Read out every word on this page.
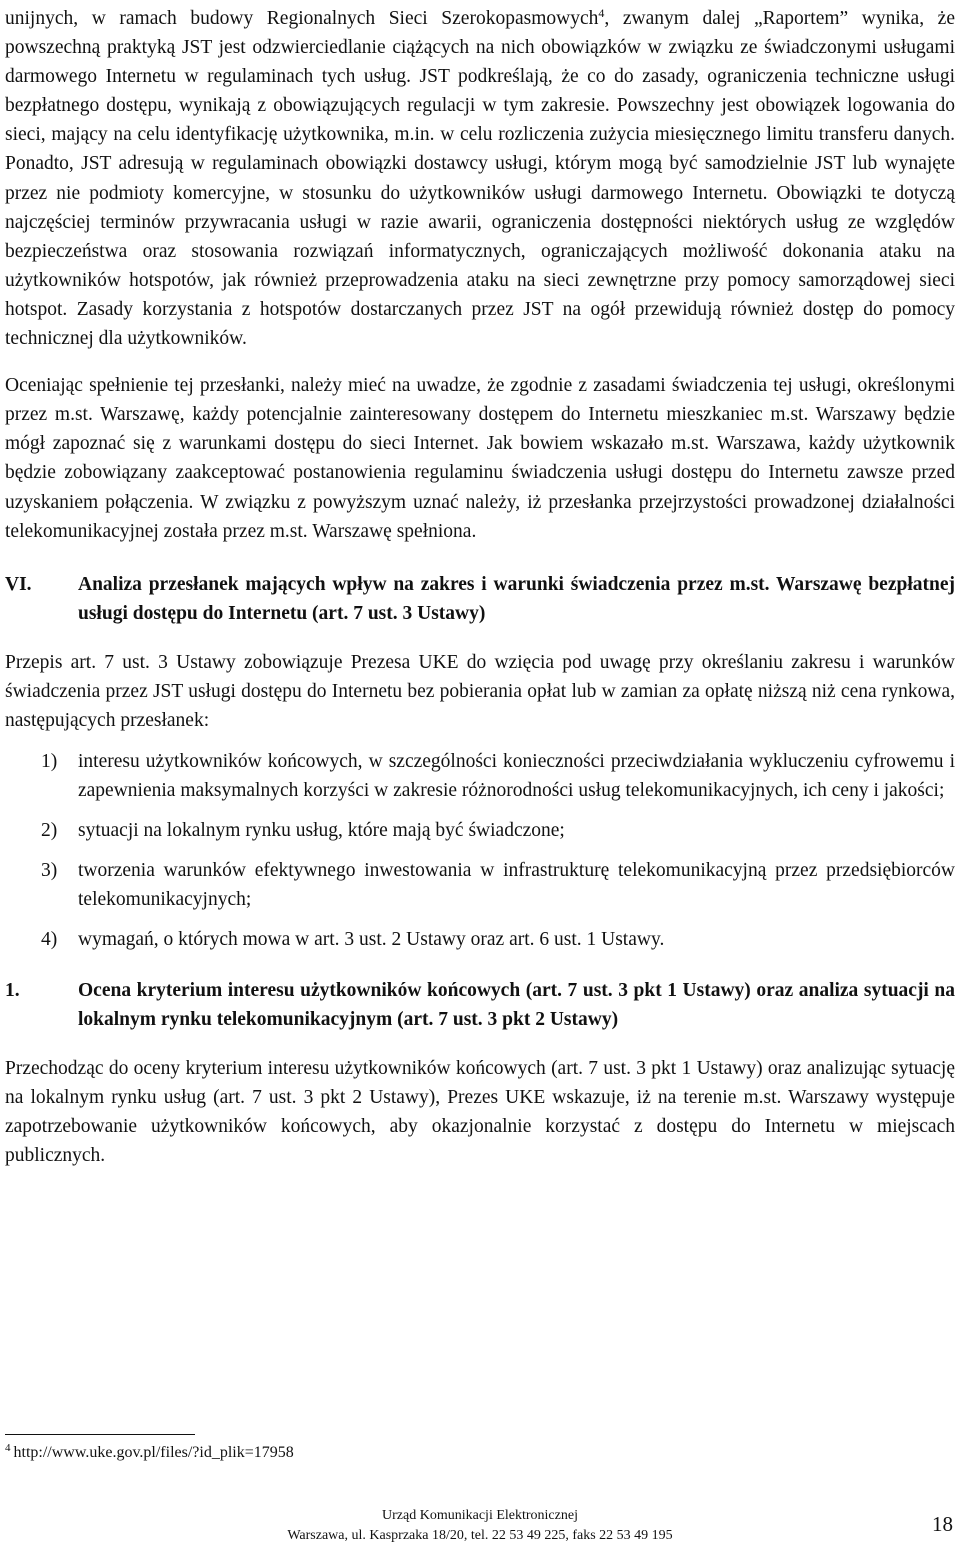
unijnych, w ramach budowy Regionalnych Sieci Szerokopasmowych$^4$, zwanym dalej „Raportem” wynika, że powszechną praktyką JST jest odzwierciedlanie ciążących na nich obowiązków w związku ze świadczonymi usługami darmowego Internetu w regulaminach tych usług. JST podkreślają, że co do zasady, ograniczenia techniczne usługi bezpłatnego dostępu, wynikają z obowiązujących regulacji w tym zakresie. Powszechny jest obowiązek logowania do sieci, mający na celu identyfikację użytkownika, m.in. w celu rozliczenia zużycia miesięcznego limitu transferu danych. Ponadto, JST adresują w regulaminach obowiązki dostawcy usługi, którym mogą być samodzielnie JST lub wynajęte przez nie podmioty komercyjne, w stosunku do użytkowników usługi darmowego Internetu. Obowiązki te dotyczą najczęściej terminów przywracania usługi w razie awarii, ograniczenia dostępności niektórych usług ze względów bezpieczeństwa oraz stosowania rozwiązań informatycznych, ograniczających możliwość dokonania ataku na użytkowników hotspotów, jak również przeprowadzenia ataku na sieci zewnętrzne przy pomocy samorządowej sieci hotspot. Zasady korzystania z hotspotów dostarczanych przez JST na ogół przewidują również dostęp do pomocy technicznej dla użytkowników.

Oceniając spełnienie tej przesłanki, należy mieć na uwadze, że zgodnie z zasadami świadczenia tej usługi, określonymi przez m.st. Warszawę, każdy potencjalnie zainteresowany dostępem do Internetu mieszkaniec m.st. Warszawy będzie mógł zapoznać się z warunkami dostępu do sieci Internet. Jak bowiem wskazało m.st. Warszawa, każdy użytkownik będzie zobowiązany zaakceptować postanowienia regulaminu świadczenia usługi dostępu do Internetu zawsze przed uzyskaniem połączenia. W związku z powyższym uznać należy, iż przesłanka przejrzystości prowadzonej działalności telekomunikacyjnej została przez m.st. Warszawę spełniona.

VI.	Analiza przesłanek mających wpływ na zakres i warunki świadczenia przez m.st. Warszawę bezpłatnej usługi dostępu do Internetu (art. 7 ust. 3 Ustawy)

Przepis art. 7 ust. 3 Ustawy zobowiązuje Prezesa UKE do wzięcia pod uwagę przy określaniu zakresu i warunków świadczenia przez JST usługi dostępu do Internetu bez pobierania opłat lub w zamian za opłatę niższą niż cena rynkowa, następujących przesłanek:

1)	interesu użytkowników końcowych, w szczególności konieczności przeciwdziałania wykluczeniu cyfrowemu i zapewnienia maksymalnych korzyści w zakresie różnorodności usług telekomunikacyjnych, ich ceny i jakości;
2)	sytuacji na lokalnym rynku usług, które mają być świadczone;
3)	tworzenia warunków efektywnego inwestowania w infrastrukturę telekomunikacyjną przez przedsiębiorców telekomunikacyjnych;
4)	wymagań, o których mowa w art. 3 ust. 2 Ustawy oraz art. 6 ust. 1 Ustawy.
1.	Ocena kryterium interesu użytkowników końcowych (art. 7 ust. 3 pkt 1 Ustawy) oraz analiza sytuacji na lokalnym rynku telekomunikacyjnym (art. 7 ust. 3 pkt 2 Ustawy)

Przechodząc do oceny kryterium interesu użytkowników końcowych (art. 7 ust. 3 pkt 1 Ustawy) oraz analizując sytuację na lokalnym rynku usług (art. 7 ust. 3 pkt 2 Ustawy), Prezes UKE wskazuje, iż na terenie m.st. Warszawy występuje zapotrzebowanie użytkowników końcowych, aby okazjonalnie korzystać z dostępu do Internetu w miejscach publicznych.

$^4$ http://www.uke.gov.pl/files/?id_plik=17958
Urząd Komunikacji Elektronicznej
Warszawa, ul. Kasprzaka 18/20, tel. 22 53 49 225, faks 22 53 49 195	18
